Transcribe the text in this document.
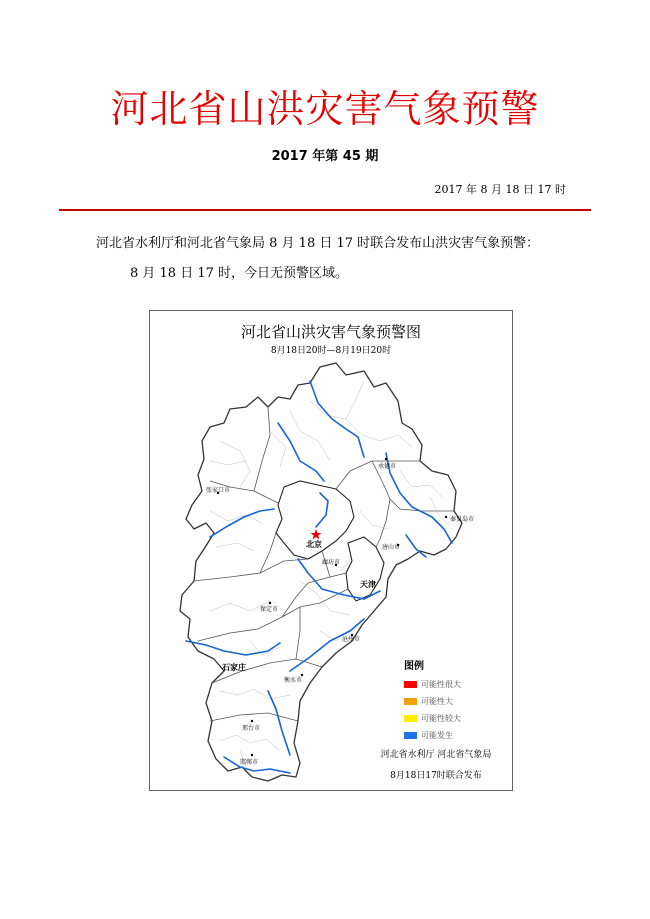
河北省山洪灾害气象预警
2017 年第 45 期
2017 年 8 月 18 日 17 时
河北省水利厅和河北省气象局 8 月 18 日 17 时联合发布山洪灾害气象预警：
8 月 18 日 17 时，今日无预警区域。
河北省山洪灾害气象预警图
8月18日20时—8月19日20时
承德市
张家口市
秦皇岛市
北京	唐山市
廊坊市
天津
保定市
沧州市
石家庄
衡水市
邢台市
邯郸市
图例
可能性很大
可能性大
可能性较大
可能发生
河北省水利厅 河北省气象局
8月18日17时联合发布
